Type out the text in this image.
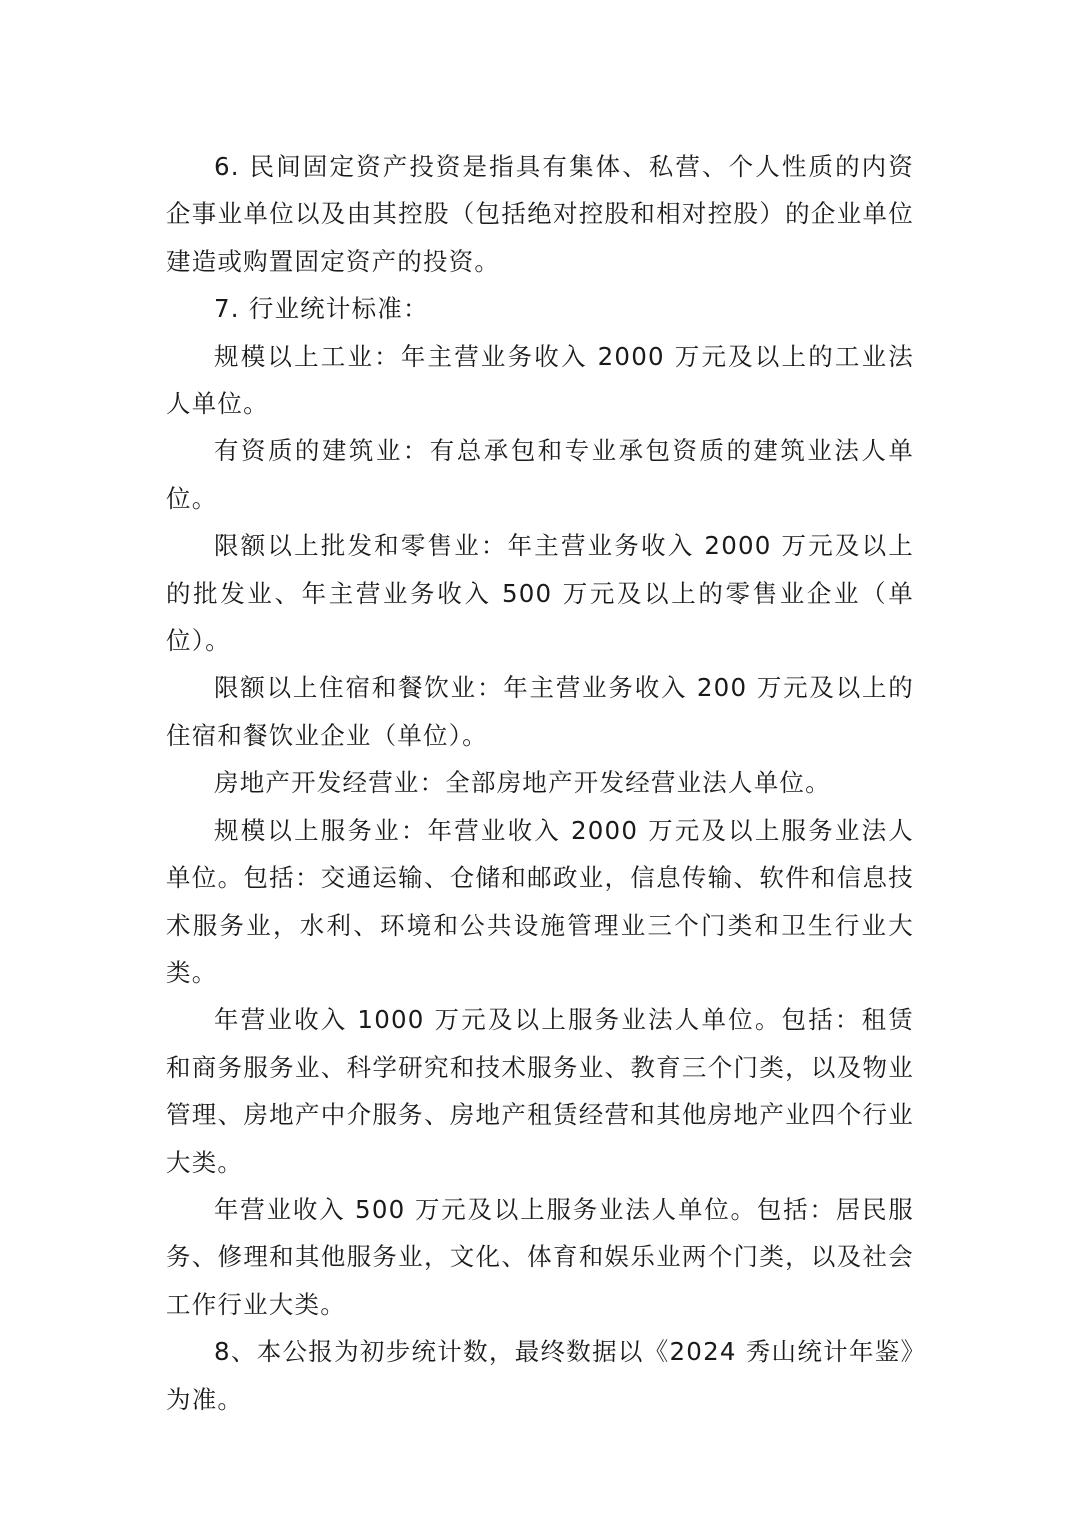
6. 民间固定资产投资是指具有集体、私营、个人性质的内资企事业单位以及由其控股（包括绝对控股和相对控股）的企业单位建造或购置固定资产的投资。

7. 行业统计标准：

规模以上工业：年主营业务收入 2000 万元及以上的工业法人单位。

有资质的建筑业：有总承包和专业承包资质的建筑业法人单位。

限额以上批发和零售业：年主营业务收入 2000 万元及以上的批发业、年主营业务收入 500 万元及以上的零售业企业（单位）。

限额以上住宿和餐饮业：年主营业务收入 200 万元及以上的住宿和餐饮业企业（单位）。

房地产开发经营业：全部房地产开发经营业法人单位。

规模以上服务业：年营业收入 2000 万元及以上服务业法人单位。包括：交通运输、仓储和邮政业，信息传输、软件和信息技术服务业，水利、环境和公共设施管理业三个门类和卫生行业大类。

年营业收入 1000 万元及以上服务业法人单位。包括：租赁和商务服务业、科学研究和技术服务业、教育三个门类，以及物业管理、房地产中介服务、房地产租赁经营和其他房地产业四个行业大类。

年营业收入 500 万元及以上服务业法人单位。包括：居民服务、修理和其他服务业，文化、体育和娱乐业两个门类，以及社会工作行业大类。

8、本公报为初步统计数，最终数据以《2024 秀山统计年鉴》为准。
